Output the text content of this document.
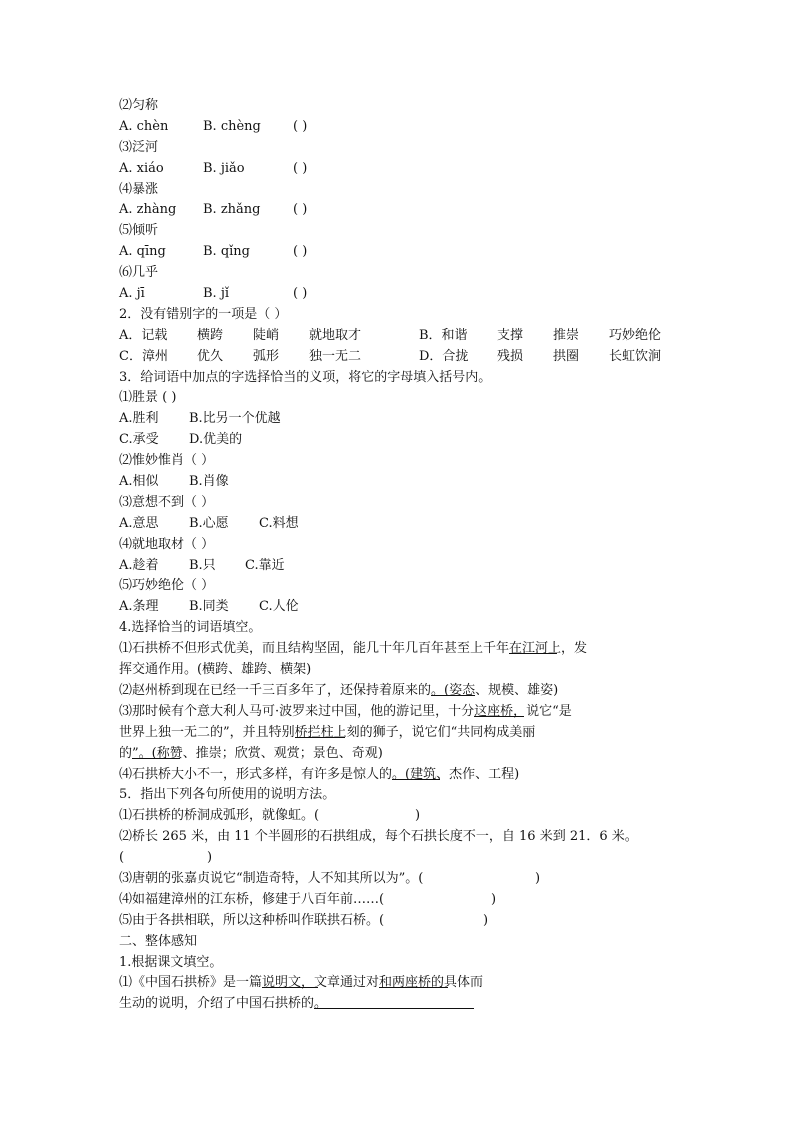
⑵匀称
A. chèn	B. chèng ( )
⑶泛河
A. xiáo	B. jiǎo	( )
⑷暴涨
A. zhàng B. zhǎng	( )
⑸倾听
A. qīng	B. qǐng	( )
⑹几乎
A. jī	B. jǐ	( )
2．没有错别字的一项是（ ）
A．记载 横跨 陡峭 就地取才	B．和谐 支撑 推崇 巧妙绝伦
C．漳州 优久 弧形 独一无二	D．合拢 残损 拱圈 长虹饮涧
3．给词语中加点的字选择恰当的义项，将它的字母填入括号内。
⑴胜景 ( )
A.胜利 B.比另一个优越
C.承受 D.优美的
⑵惟妙惟肖（ ）
A.相似 B.肖像
⑶意想不到（ ）
A.意思 B.心愿 C.料想
⑷就地取材（ ）
A.趁着 B.只 C.靠近
⑸巧妙绝伦（ ）
A.条理 B.同类 C.人伦
4.选择恰当的词语填空。
⑴石拱桥不但形式优美，而且结构坚固，能几十年几百年甚至上千年
在江河上，发
挥交通作用。(横跨、雄跨、横架)
⑵赵州桥到现在已经一千三百多年了，还保持着原来的
。(姿态、规模、雄姿)
⑶那时候有个意大利人马可·波罗来过中国，他的游记里，十分
这座桥，说它“是
世界上独一无二的”，并且特别
桥拦柱上刻的狮子，说它们“共同构成美丽
的
”。(称赞、推崇；欣赏、观赏；景色、奇观)
⑷石拱桥大小不一，形式多样，有许多是惊人的
。(建筑、杰作、工程)
5．指出下列各句所使用的说明方法。
⑴石拱桥的桥洞成弧形，就像虹。(	)
⑵桥长 265 米，由 11 个半圆形的石拱组成，每个石拱长度不一，自 16 米到 21．6 米。
(	)
⑶唐朝的张嘉贞说它“制造奇特，人不知其所以为”。(	)
⑷如福建漳州的江东桥，修建于八百年前……(	)
⑸由于各拱相联，所以这种桥叫作联拱石桥。(	)
二、整体感知
1.根据课文填空。
⑴《中国石拱桥》是一篇
说明文，文章通过对
和
两座桥的具体而
生动的说明，介绍了中国石拱桥的
。
